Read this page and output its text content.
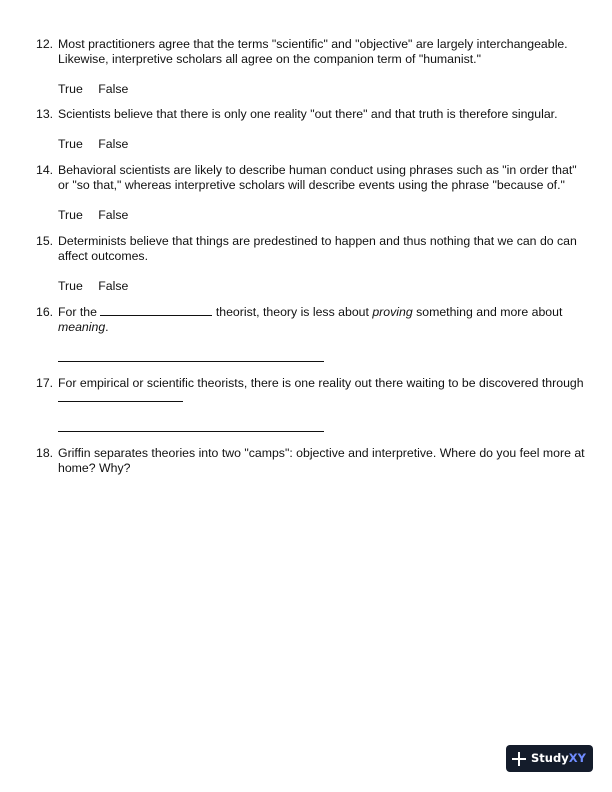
12. Most practitioners agree that the terms "scientific" and "objective" are largely interchangeable.
Likewise, interpretive scholars all agree on the companion term of "humanist."
True False
13. Scientists believe that there is only one reality "out there" and that truth is therefore singular.
True False
14. Behavioral scientists are likely to describe human conduct using phrases such as "in order that"
or "so that," whereas interpretive scholars will describe events using the phrase "because of."
True False
15. Determinists believe that things are predestined to happen and thus nothing that we can do can
affect outcomes.
True False
16. For the	theorist, theory is less about proving something and more about
meaning.
17. For empirical or scientific theorists, there is one reality out there waiting to be discovered through
18. Griffin separates theories into two "camps": objective and interpretive. Where do you feel more at
home? Why?
Study XY
